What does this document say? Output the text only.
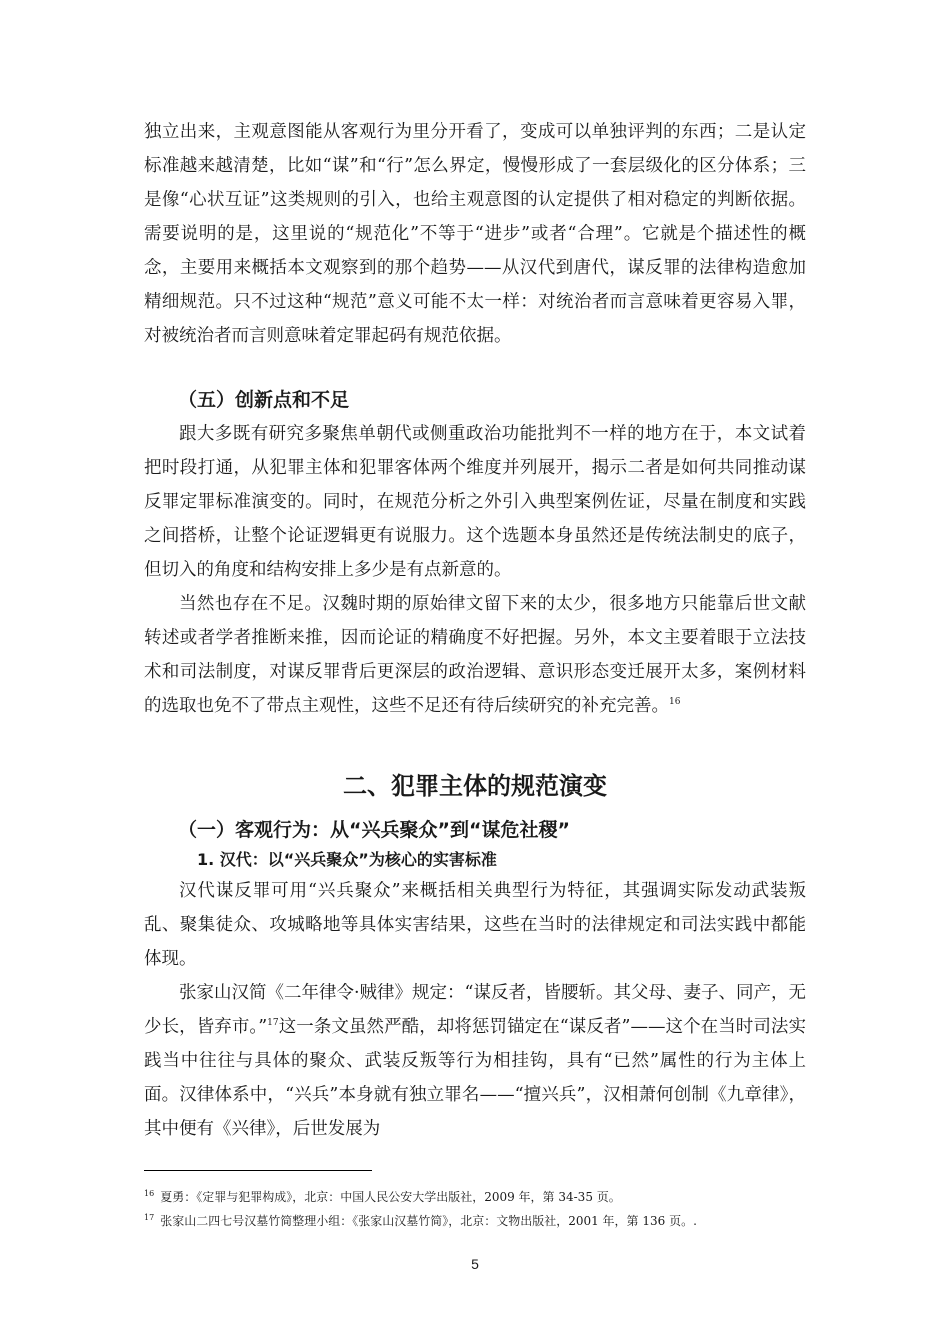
独立出来，主观意图能从客观行为里分开看了，变成可以单独评判的东西；二是认定标准越来越清楚，比如“谋”和“行”怎么界定，慢慢形成了一套层级化的区分体系；三是像“心状互证”这类规则的引入，也给主观意图的认定提供了相对稳定的判断依据。需要说明的是，这里说的“规范化”不等于“进步”或者“合理”。它就是个描述性的概念，主要用来概括本文观察到的那个趋势——从汉代到唐代，谋反罪的法律构造愈加精细规范。只不过这种“规范”意义可能不太一样：对统治者而言意味着更容易入罪，对被统治者而言则意味着定罪起码有规范依据。

（五）创新点和不足

跟大多既有研究多聚焦单朝代或侧重政治功能批判不一样的地方在于，本文试着把时段打通，从犯罪主体和犯罪客体两个维度并列展开，揭示二者是如何共同推动谋反罪定罪标准演变的。同时，在规范分析之外引入典型案例佐证，尽量在制度和实践之间搭桥，让整个论证逻辑更有说服力。这个选题本身虽然还是传统法制史的底子，但切入的角度和结构安排上多少是有点新意的。

当然也存在不足。汉魏时期的原始律文留下来的太少，很多地方只能靠后世文献转述或者学者推断来推，因而论证的精确度不好把握。另外，本文主要着眼于立法技术和司法制度，对谋反罪背后更深层的政治逻辑、意识形态变迁展开太多，案例材料的选取也免不了带点主观性，这些不足还有待后续研究的补充完善。$^{16}$

二、犯罪主体的规范演变
（一）客观行为：从“兴兵聚众”到“谋危社稷”
1. 汉代：以“兴兵聚众”为核心的实害标准

汉代谋反罪可用“兴兵聚众”来概括相关典型行为特征，其强调实际发动武装叛乱、聚集徒众、攻城略地等具体实害结果，这些在当时的法律规定和司法实践中都能体现。

张家山汉简《二年律令·贼律》规定：“谋反者，皆腰斩。其父母、妻子、同产，无少长，皆弃市。”$^{17}$这一条文虽然严酷，却将惩罚锚定在“谋反者”——这个在当时司法实践当中往往与具体的聚众、武装反叛等行为相挂钩，具有“已然”属性的行为主体上面。汉律体系中，“兴兵”本身就有独立罪名——“擅兴兵”，汉相萧何创制《九章律》，其中便有《兴律》，后世发展为

$^{16}$ 夏勇：《定罪与犯罪构成》，北京：中国人民公安大学出版社，2009 年，第 34-35 页。
$^{17}$ 张家山二四七号汉墓竹简整理小组：《张家山汉墓竹简》，北京：文物出版社，2001 年，第 136 页。.
5
